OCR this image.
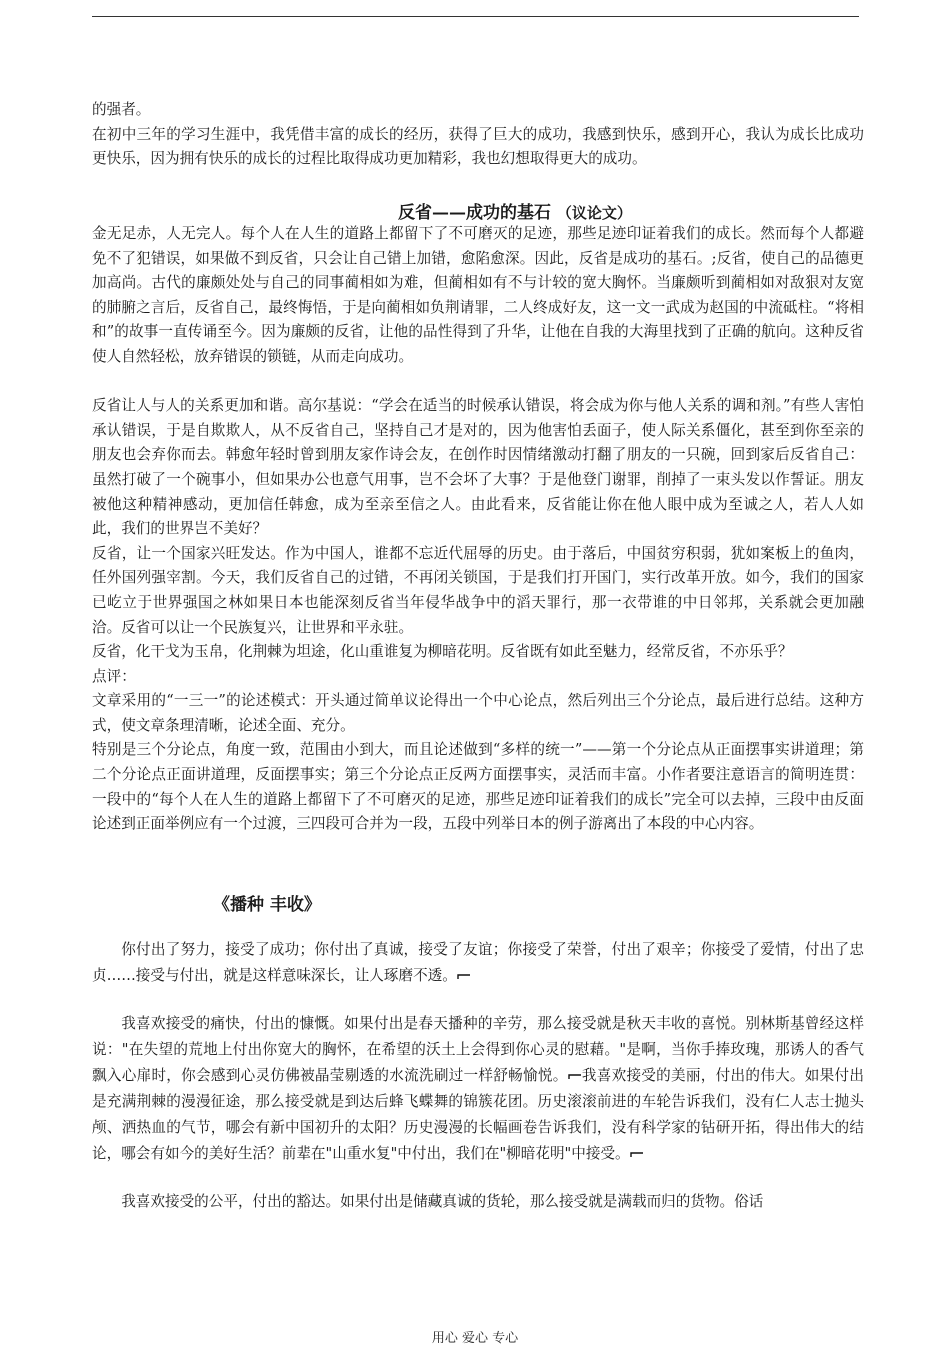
的强者。

在初中三年的学习生涯中，我凭借丰富的成长的经历，获得了巨大的成功，我感到快乐，感到开心，我认为成长比成功更快乐，因为拥有快乐的成长的过程比取得成功更加精彩，我也幻想取得更大的成功。

反省——成功的基石 （议论文）

金无足赤，人无完人。每个人在人生的道路上都留下了不可磨灭的足迹，那些足迹印证着我们的成长。然而每个人都避免不了犯错误，如果做不到反省，只会让自己错上加错，愈陷愈深。因此，反省是成功的基石。;反省，使自己的品德更加高尚。古代的廉颇处处与自己的同事蔺相如为难，但蔺相如有不与计较的宽大胸怀。当廉颇听到蔺相如对敌狠对友宽的肺腑之言后，反省自己，最终悔悟，于是向蔺相如负荆请罪，二人终成好友，这一文一武成为赵国的中流砥柱。“将相和”的故事一直传诵至今。因为廉颇的反省，让他的品性得到了升华，让他在自我的大海里找到了正确的航向。这种反省使人自然轻松，放弃错误的锁链，从而走向成功。

反省让人与人的关系更加和谐。高尔基说：“学会在适当的时候承认错误，将会成为你与他人关系的调和剂。”有些人害怕承认错误，于是自欺欺人，从不反省自己，坚持自己才是对的，因为他害怕丢面子，使人际关系僵化，甚至到你至亲的朋友也会弃你而去。韩愈年轻时曾到朋友家作诗会友，在创作时因情绪激动打翻了朋友的一只碗，回到家后反省自己：虽然打破了一个碗事小，但如果办公也意气用事，岂不会坏了大事？于是他登门谢罪，削掉了一束头发以作誓证。朋友被他这种精神感动，更加信任韩愈，成为至亲至信之人。由此看来，反省能让你在他人眼中成为至诚之人，若人人如此，我们的世界岂不美好？

反省，让一个国家兴旺发达。作为中国人，谁都不忘近代屈辱的历史。由于落后，中国贫穷积弱，犹如案板上的鱼肉，任外国列强宰割。今天，我们反省自己的过错，不再闭关锁国，于是我们打开国门，实行改革开放。如今，我们的国家已屹立于世界强国之林如果日本也能深刻反省当年侵华战争中的滔天罪行，那一衣带谁的中日邻邦，关系就会更加融洽。反省可以让一个民族复兴，让世界和平永驻。

反省，化干戈为玉帛，化荆棘为坦途，化山重谁复为柳暗花明。反省既有如此至魅力，经常反省，不亦乐乎？

点评：

文章采用的“一三一”的论述模式：开头通过简单议论得出一个中心论点，然后列出三个分论点，最后进行总结。这种方式，使文章条理清晰，论述全面、充分。

特别是三个分论点，角度一致，范围由小到大，而且论述做到“多样的统一”——第一个分论点从正面摆事实讲道理；第二个分论点正面讲道理，反面摆事实；第三个分论点正反两方面摆事实，灵活而丰富。小作者要注意语言的简明连贯：一段中的“每个人在人生的道路上都留下了不可磨灭的足迹，那些足迹印证着我们的成长”完全可以去掉，三段中由反面论述到正面举例应有一个过渡，三四段可合并为一段，五段中列举日本的例子游离出了本段的中心内容。

《播种 丰收》

你付出了努力，接受了成功；你付出了真诚，接受了友谊；你接受了荣誉，付出了艰辛；你接受了爱情，付出了忠贞……接受与付出，就是这样意味深长，让人琢磨不透。

我喜欢接受的痛快，付出的慷慨。如果付出是春天播种的辛劳，那么接受就是秋天丰收的喜悦。别林斯基曾经这样说："在失望的荒地上付出你宽大的胸怀，在希望的沃土上会得到你心灵的慰藉。"是啊，当你手捧玫瑰，那诱人的香气飘入心扉时，你会感到心灵仿佛被晶莹剔透的水流洗刷过一样舒畅愉悦。 我喜欢接受的美丽，付出的伟大。如果付出是充满荆棘的漫漫征途，那么接受就是到达后蜂飞蝶舞的锦簇花团。历史滚滚前进的车轮告诉我们，没有仁人志士抛头颅、洒热血的气节，哪会有新中国初升的太阳？历史漫漫的长幅画卷告诉我们，没有科学家的钻研开拓，得出伟大的结论，哪会有如今的美好生活？前辈在"山重水复"中付出，我们在"柳暗花明"中接受。

我喜欢接受的公平，付出的豁达。如果付出是储藏真诚的货轮，那么接受就是满载而归的货物。俗话

用心 爱心 专心
